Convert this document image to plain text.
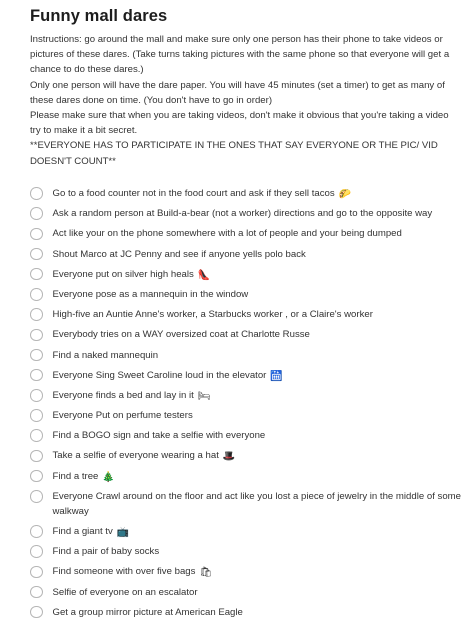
Funny mall dares

Instructions: go around the mall and make sure only one person has their phone to take videos or pictures of these dares. (Take turns taking pictures with the same phone so that everyone will get a chance to do these dares.)

Only one person will have the dare paper. You will have 45 minutes (set a timer) to get as many of these dares done on time. (You don't have to go in order)

Please make sure that when you are taking videos, don't make it obvious that you're taking a video try to make it a bit secret.

**EVERYONE HAS TO PARTICIPATE IN THE ONES THAT SAY EVERYONE OR THE PIC/ VID DOESN'T COUNT**

Go to a food counter not in the food court and ask if they sell tacos 🌮
Ask a random person at Build-a-bear (not a worker) directions and go to the opposite way
Act like your on the phone somewhere with a lot of people and your being dumped
Shout Marco at JC Penny and see if anyone yells polo back
Everyone put on silver high heals 👠
Everyone pose as a mannequin in the window
High-five an Auntie Anne's worker, a Starbucks worker , or a Claire's worker
Everybody tries on a WAY oversized coat at Charlotte Russe
Find a naked mannequin
Everyone Sing Sweet Caroline loud in the elevator 🛗
Everyone finds a bed and lay in it 🛏
Everyone Put on perfume testers
Find a BOGO sign and take a selfie with everyone
Take a selfie of everyone wearing a hat 🎩
Find a tree 🎄
Everyone Crawl around on the floor and act like you lost a piece of jewelry in the middle of some walkway
Find a giant tv 📺
Find a pair of baby socks
Find someone with over five bags 🛍
Selfie of everyone on an escalator
Get a group mirror picture at American Eagle
